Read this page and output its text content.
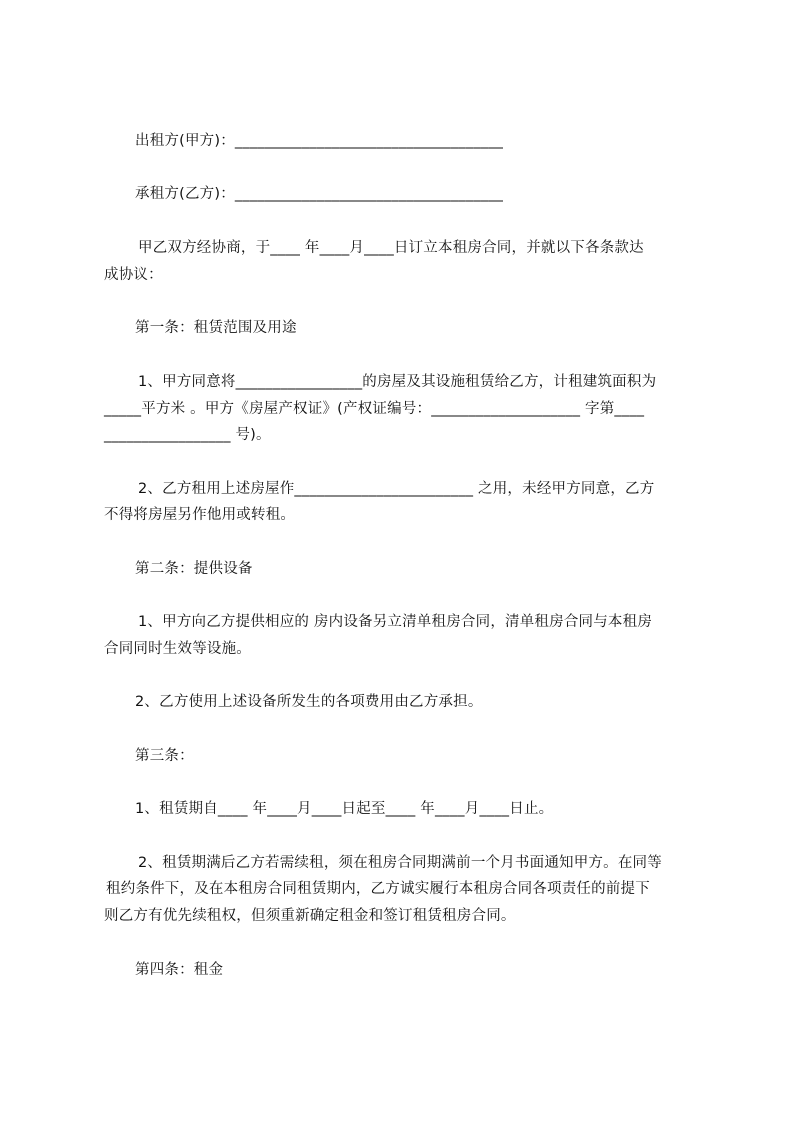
出租方(甲方)：____________________________________
承租方(乙方)：____________________________________
甲乙双方经协商，于____ 年____月____日订立本租房合同，并就以下各条款达
成协议：
第一条：租赁范围及用途
1、甲方同意将_________________的房屋及其设施租赁给乙方，计租建筑面积为
_____平方米 。甲方《房屋产权证》(产权证编号：____________________ 字第____
_________________ 号)。
2、乙方租用上述房屋作________________________ 之用，未经甲方同意，乙方
不得将房屋另作他用或转租。
第二条：提供设备
1、甲方向乙方提供相应的 房内设备另立清单租房合同，清单租房合同与本租房
合同同时生效等设施。
2、乙方使用上述设备所发生的各项费用由乙方承担。
第三条：
1、租赁期自____ 年____月____日起至____ 年____月____日止。
2、租赁期满后乙方若需续租，须在租房合同期满前一个月书面通知甲方。在同等
租约条件下，及在本租房合同租赁期内，乙方诚实履行本租房合同各项责任的前提下
则乙方有优先续租权，但须重新确定租金和签订租赁租房合同。
第四条：租金
